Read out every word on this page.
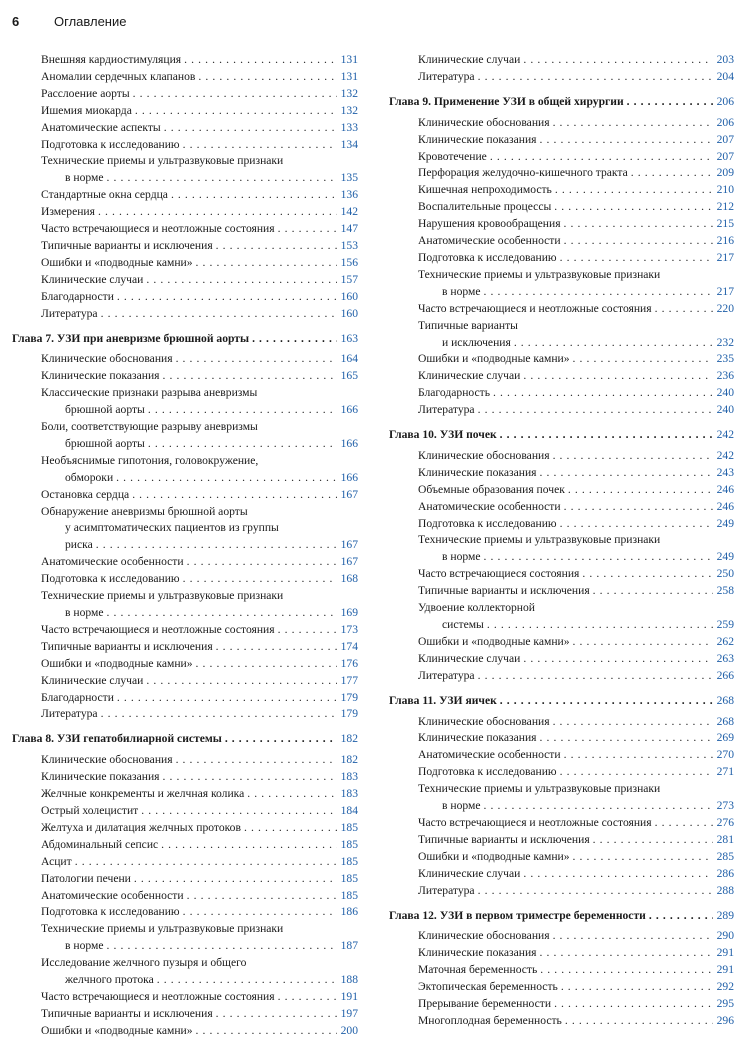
6	Оглавление
Внешняя кардиостимуляция . . .	131
Аномалии сердечных клапанов . . .	131
Расслоение аорты . . .	132
Ишемия миокарда . . .	132
Анатомические аспекты . . .	133
Подготовка к исследованию . . .	134
Технические приемы и ультразвуковые признаки
в норме . . .	135
Стандартные окна сердца . . .	136
Измерения . . .	142
Часто встречающиеся и неотложные состояния . . .	147
Типичные варианты и исключения . . .	153
Ошибки и «подводные камни» . . .	156
Клинические случаи . . .	157
Благодарности . . .	160
Литература . . .	160
Глава 7. УЗИ при аневризме брюшной аорты . . .	163
Клинические обоснования . . .	164
Клинические показания . . .	165
Классические признаки разрыва аневризмы
брюшной аорты . . .	166
Боли, соответствующие разрыву аневризмы
брюшной аорты . . .	166
Необъяснимые гипотония, головокружение,
обмороки . . .	166
Остановка сердца . . .	167
Обнаружение аневризмы брюшной аорты
у асимптоматических пациентов из группы
риска . . .	167
Анатомические особенности . . .	167
Подготовка к исследованию . . .	168
Технические приемы и ультразвуковые признаки
в норме . . .	169
Часто встречающиеся и неотложные состояния . . .	173
Типичные варианты и исключения . . .	174
Ошибки и «подводные камни» . . .	176
Клинические случаи . . .	177
Благодарности . . .	179
Литература . . .	179
Глава 8. УЗИ гепатобилиарной системы . . .	182
Клинические обоснования . . .	182
Клинические показания . . .	183
Желчные конкременты и желчная колика . . .	183
Острый холецистит . . .	184
Желтуха и дилатация желчных протоков . . .	185
Абдоминальный сепсис . . .	185
Асцит . . .	185
Патологии печени . . .	185
Анатомические особенности . . .	185
Подготовка к исследованию . . .	186
Технические приемы и ультразвуковые признаки
в норме . . .	187
Исследование желчного пузыря и общего
желчного протока . . .	188
Часто встречающиеся и неотложные состояния . . .	191
Типичные варианты и исключения . . .	197
Ошибки и «подводные камни» . . .	200
Клинические случаи . . .	203
Литература . . .	204
Глава 9. Применение УЗИ в общей хирургии . . .	206
Клинические обоснования . . .	206
Клинические показания . . .	207
Кровотечение . . .	207
Перфорация желудочно-кишечного тракта . . .	209
Кишечная непроходимость . . .	210
Воспалительные процессы . . .	212
Нарушения кровообращения . . .	215
Анатомические особенности . . .	216
Подготовка к исследованию . . .	217
Технические приемы и ультразвуковые признаки
в норме . . .	217
Часто встречающиеся и неотложные состояния . . .	220
Типичные варианты
и исключения . . .	232
Ошибки и «подводные камни» . . .	235
Клинические случаи . . .	236
Благодарность . . .	240
Литература . . .	240
Глава 10. УЗИ почек . . .	242
Клинические обоснования . . .	242
Клинические показания . . .	243
Объемные образования почек . . .	246
Анатомические особенности . . .	246
Подготовка к исследованию . . .	249
Технические приемы и ультразвуковые признаки
в норме . . .	249
Часто встречающиеся состояния . . .	250
Типичные варианты и исключения . . .	258
Удвоение коллекторной
системы . . .	259
Ошибки и «подводные камни» . . .	262
Клинические случаи . . .	263
Литература . . .	266
Глава 11. УЗИ яичек . . .	268
Клинические обоснования . . .	268
Клинические показания . . .	269
Анатомические особенности . . .	270
Подготовка к исследованию . . .	271
Технические приемы и ультразвуковые признаки
в норме . . .	273
Часто встречающиеся и неотложные состояния . . .	276
Типичные варианты и исключения . . .	281
Ошибки и «подводные камни» . . .	285
Клинические случаи . . .	286
Литература . . .	288
Глава 12. УЗИ в первом триместре беременности . . .	289
Клинические обоснования . . .	290
Клинические показания . . .	291
Маточная беременность . . .	291
Эктопическая беременность . . .	292
Прерывание беременности . . .	295
Многоплодная беременность . . .	296
